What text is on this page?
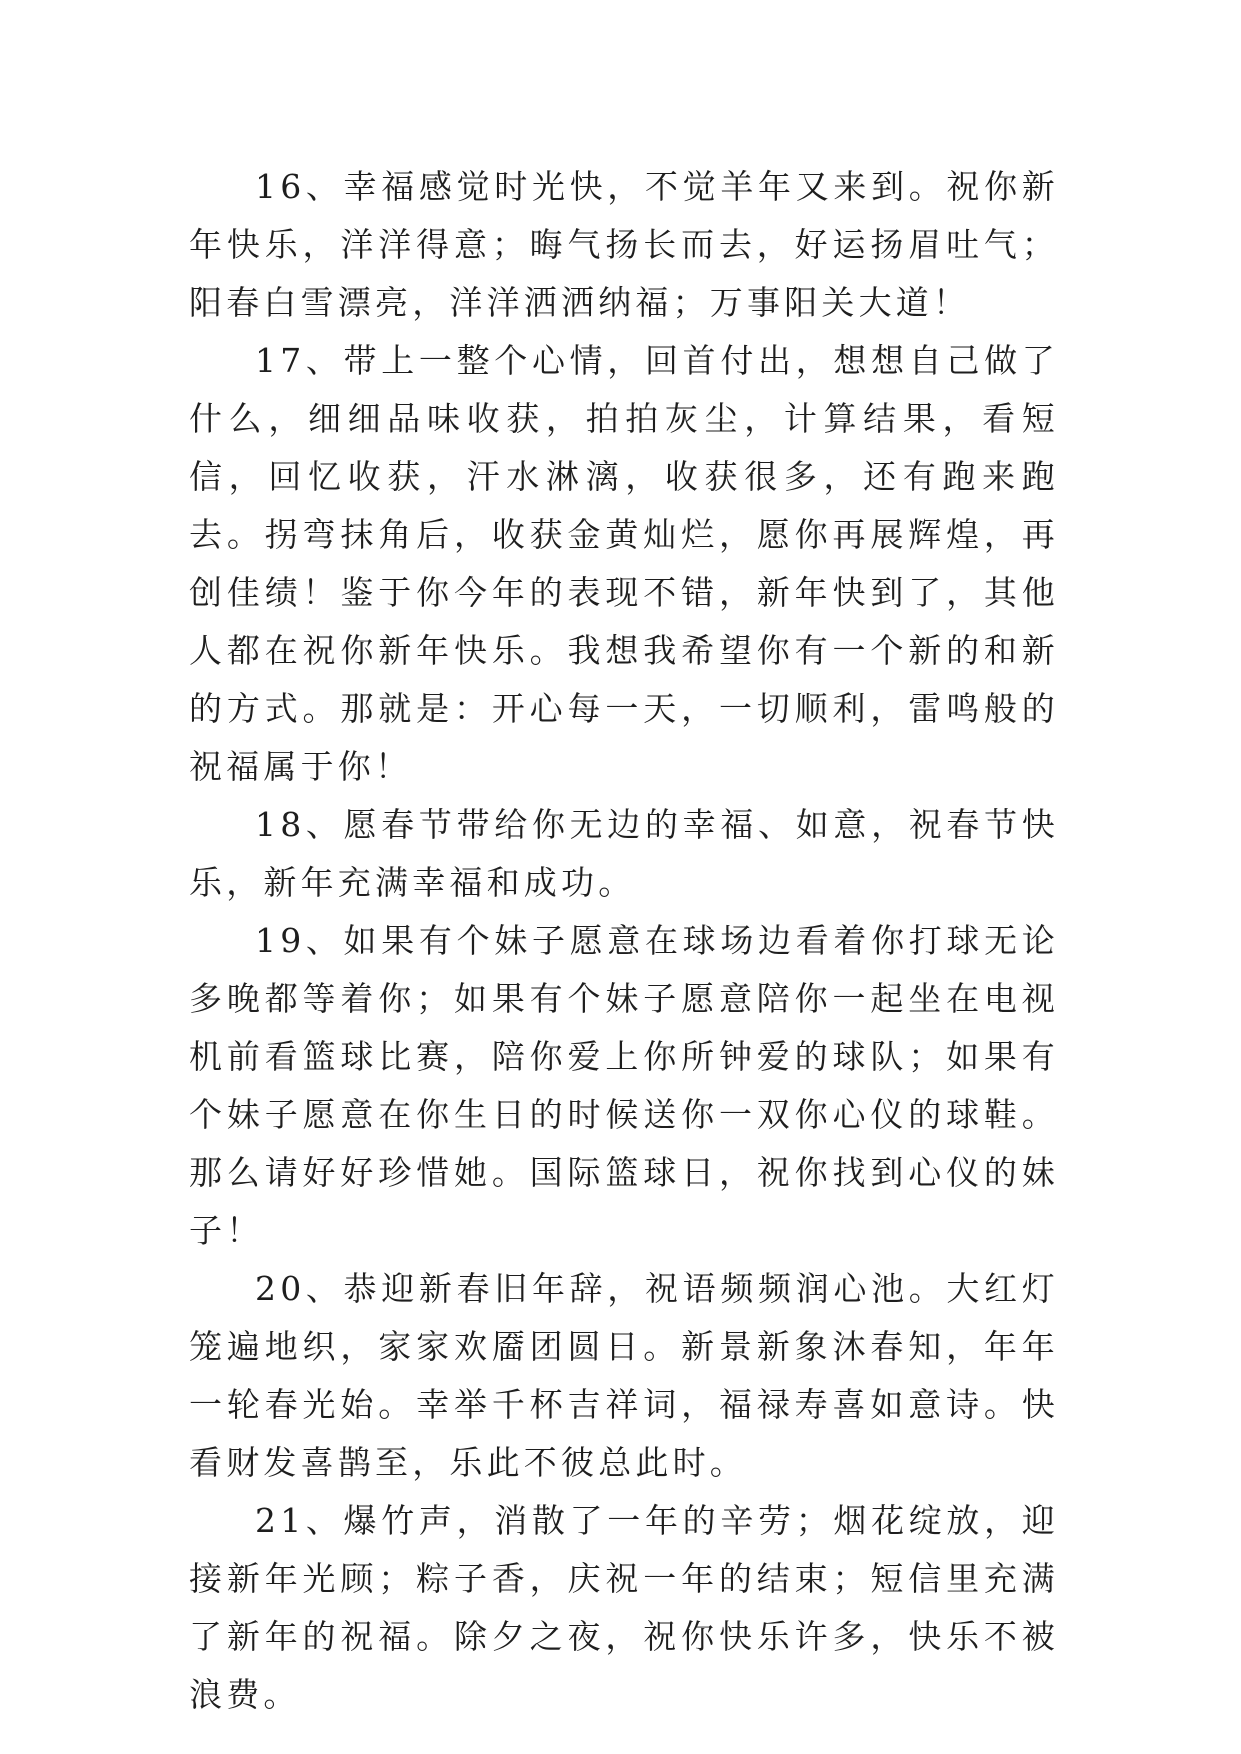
16、幸福感觉时光快，不觉羊年又来到。祝你新年快乐，洋洋得意；晦气扬长而去，好运扬眉吐气；阳春白雪漂亮，洋洋洒洒纳福；万事阳关大道！

17、带上一整个心情，回首付出，想想自己做了什么，细细品味收获，拍拍灰尘，计算结果，看短信，回忆收获，汗水淋漓，收获很多，还有跑来跑去。拐弯抹角后，收获金黄灿烂，愿你再展辉煌，再创佳绩！鉴于你今年的表现不错，新年快到了，其他人都在祝你新年快乐。我想我希望你有一个新的和新的方式。那就是：开心每一天，一切顺利，雷鸣般的祝福属于你！

18、愿春节带给你无边的幸福、如意，祝春节快乐，新年充满幸福和成功。

19、如果有个妹子愿意在球场边看着你打球无论多晚都等着你；如果有个妹子愿意陪你一起坐在电视机前看篮球比赛，陪你爱上你所钟爱的球队；如果有个妹子愿意在你生日的时候送你一双你心仪的球鞋。那么请好好珍惜她。国际篮球日，祝你找到心仪的妹子！

20、恭迎新春旧年辞，祝语频频润心池。大红灯笼遍地织，家家欢靥团圆日。新景新象沐春知，年年一轮春光始。幸举千杯吉祥词，福禄寿喜如意诗。快看财发喜鹊至，乐此不彼总此时。

21、爆竹声，消散了一年的辛劳；烟花绽放，迎接新年光顾；粽子香，庆祝一年的结束；短信里充满了新年的祝福。除夕之夜，祝你快乐许多，快乐不被浪费。
